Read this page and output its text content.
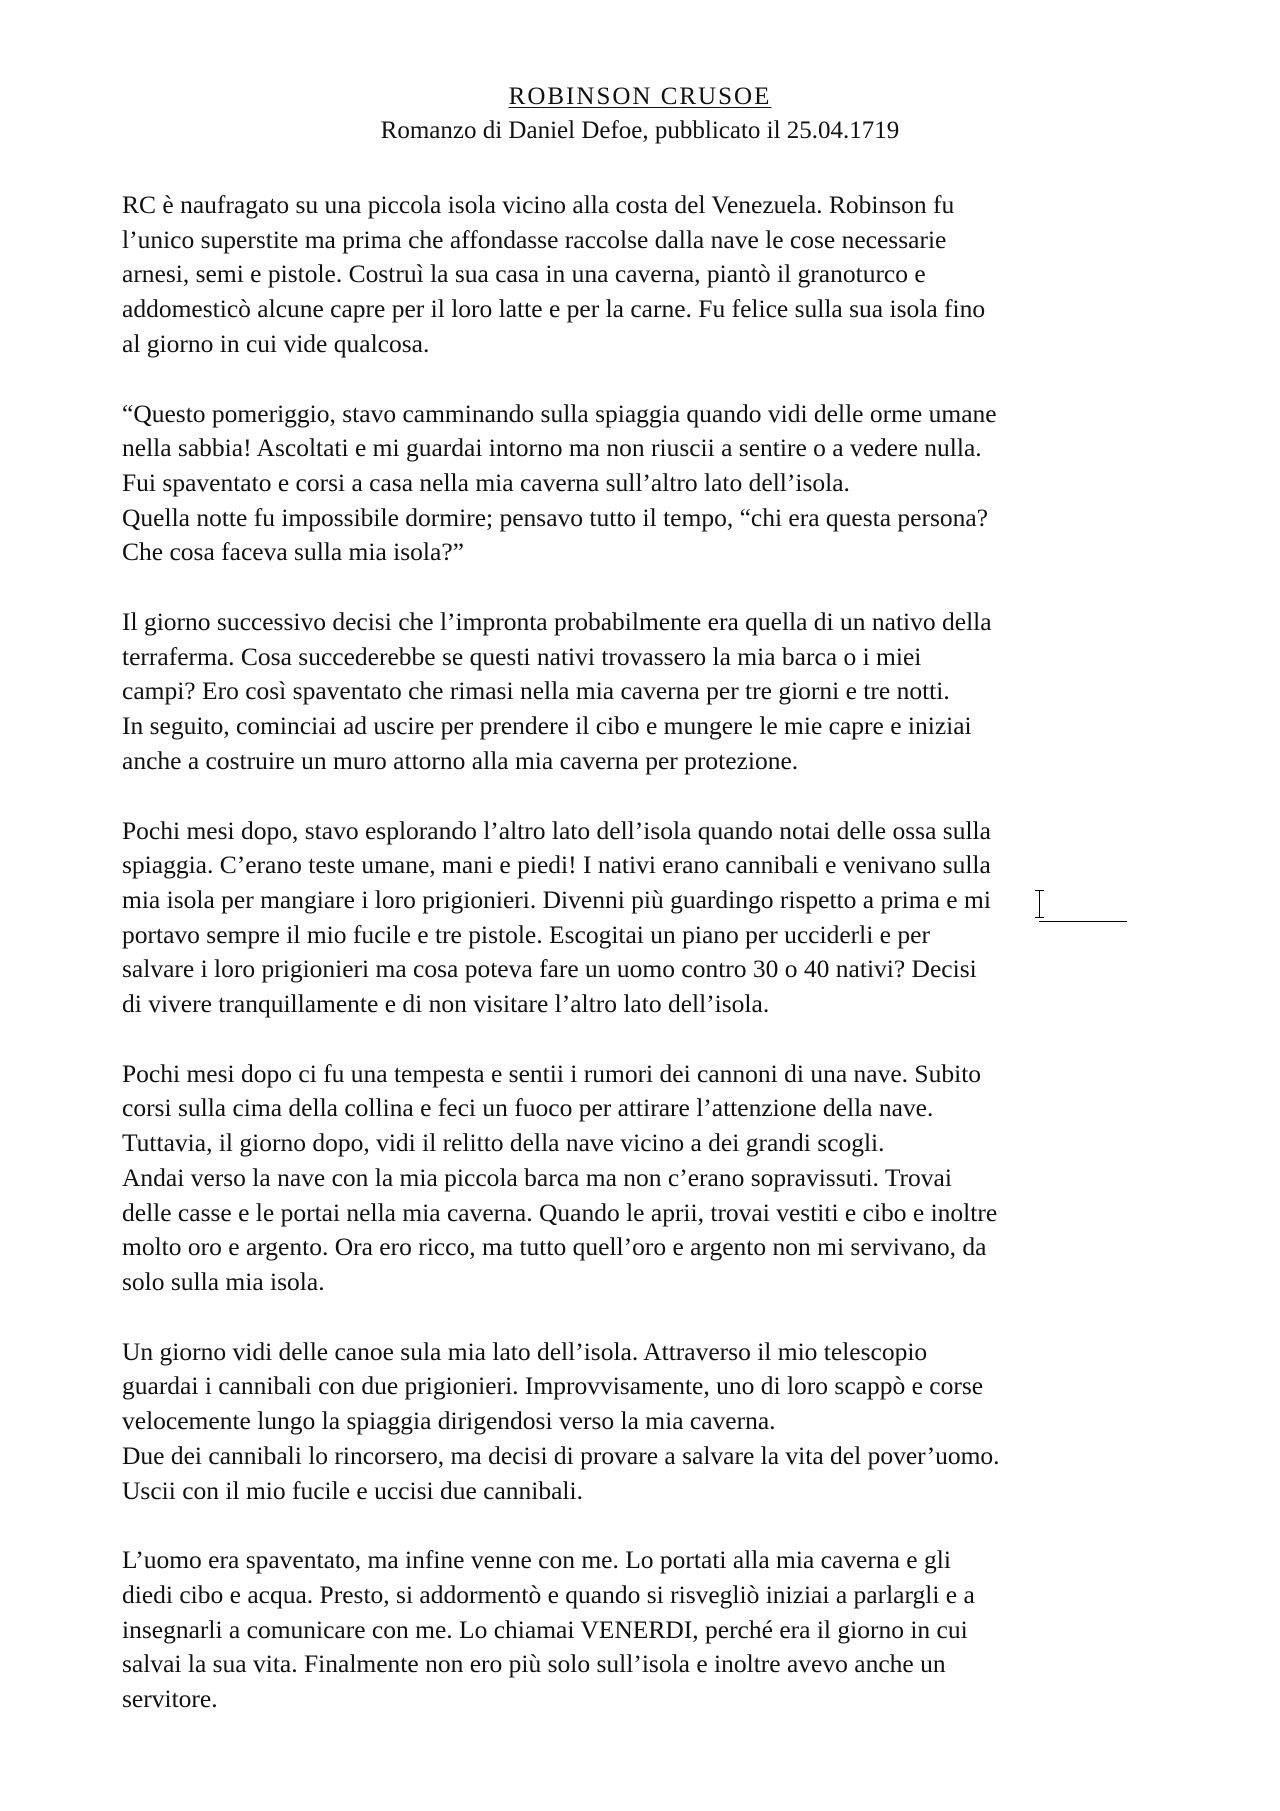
ROBINSON CRUSOE
Romanzo di Daniel Defoe, pubblicato il 25.04.1719

RC è naufragato su una piccola isola vicino alla costa del Venezuela. Robinson fu
l’unico superstite ma prima che affondasse raccolse dalla nave le cose necessarie
arnesi, semi e pistole. Costruì la sua casa in una caverna, piantò il granoturco e
addomesticò alcune capre per il loro latte e per la carne. Fu felice sulla sua isola fino
al giorno in cui vide qualcosa.

“Questo pomeriggio, stavo camminando sulla spiaggia quando vidi delle orme umane
nella sabbia! Ascoltati e mi guardai intorno ma non riuscii a sentire o a vedere nulla.
Fui spaventato e corsi a casa nella mia caverna sull’altro lato dell’isola.
Quella notte fu impossibile dormire; pensavo tutto il tempo, “chi era questa persona?
Che cosa faceva sulla mia isola?”

Il giorno successivo decisi che l’impronta probabilmente era quella di un nativo della
terraferma. Cosa succederebbe se questi nativi trovassero la mia barca o i miei
campi? Ero così spaventato che rimasi nella mia caverna per tre giorni e tre notti.
In seguito, cominciai ad uscire per prendere il cibo e mungere le mie capre e iniziai
anche a costruire un muro attorno alla mia caverna per protezione.

Pochi mesi dopo, stavo esplorando l’altro lato dell’isola quando notai delle ossa sulla
spiaggia. C’erano teste umane, mani e piedi! I nativi erano cannibali e venivano sulla
mia isola per mangiare i loro prigionieri. Divenni più guardingo rispetto a prima e mi
portavo sempre il mio fucile e tre pistole. Escogitai un piano per ucciderli e per
salvare i loro prigionieri ma cosa poteva fare un uomo contro 30 o 40 nativi? Decisi
di vivere tranquillamente e di non visitare l’altro lato dell’isola.

Pochi mesi dopo ci fu una tempesta e sentii i rumori dei cannoni di una nave. Subito
corsi sulla cima della collina e feci un fuoco per attirare l’attenzione della nave.
Tuttavia, il giorno dopo, vidi il relitto della nave vicino a dei grandi scogli.
Andai verso la nave con la mia piccola barca ma non c’erano sopravissuti. Trovai
delle casse e le portai nella mia caverna. Quando le aprii, trovai vestiti e cibo e inoltre
molto oro e argento. Ora ero ricco, ma tutto quell’oro e argento non mi servivano, da
solo sulla mia isola.

Un giorno vidi delle canoe sula mia lato dell’isola. Attraverso il mio telescopio
guardai i cannibali con due prigionieri. Improvvisamente, uno di loro scappò e corse
velocemente lungo la spiaggia dirigendosi verso la mia caverna.
Due dei cannibali lo rincorsero, ma decisi di provare a salvare la vita del pover’uomo.
Uscii con il mio fucile e uccisi due cannibali.

L’uomo era spaventato, ma infine venne con me. Lo portati alla mia caverna e gli
diedi cibo e acqua. Presto, si addormentò e quando si risvegliò iniziai a parlargli e a
insegnarli a comunicare con me. Lo chiamai VENERDI, perché era il giorno in cui
salvai la sua vita. Finalmente non ero più solo sull’isola e inoltre avevo anche un
servitore.
